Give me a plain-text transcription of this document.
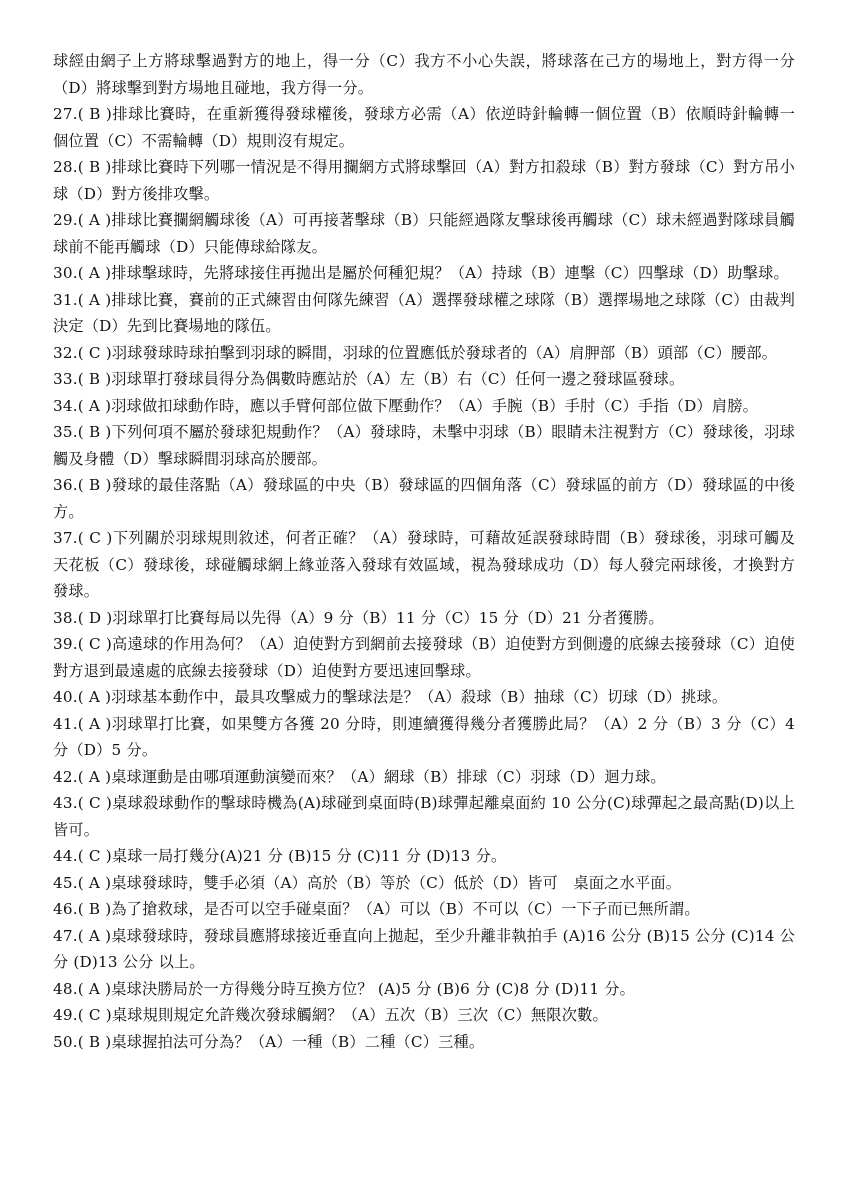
球經由網子上方將球擊過對方的地上，得一分（C）我方不小心失誤，將球落在己方的場地上，對方得一分（D）將球擊到對方場地且碰地，我方得一分。

27.( B )排球比賽時，在重新獲得發球權後，發球方必需（A）依逆時針輪轉一個位置（B）依順時針輪轉一個位置（C）不需輪轉（D）規則沒有規定。

28.( B )排球比賽時下列哪一情況是不得用攔網方式將球擊回（A）對方扣殺球（B）對方發球（C）對方吊小球（D）對方後排攻擊。

29.( A )排球比賽攔網觸球後（A）可再接著擊球（B）只能經過隊友擊球後再觸球（C）球未經過對隊球員觸球前不能再觸球（D）只能傳球給隊友。

30.( A )排球擊球時，先將球接住再拋出是屬於何種犯規？（A）持球（B）連擊（C）四擊球（D）助擊球。

31.( A )排球比賽，賽前的正式練習由何隊先練習（A）選擇發球權之球隊（B）選擇場地之球隊（C）由裁判決定（D）先到比賽場地的隊伍。

32.( C )羽球發球時球拍擊到羽球的瞬間，羽球的位置應低於發球者的（A）肩胛部（B）頭部（C）腰部。

33.( B )羽球單打發球員得分為偶數時應站於（A）左（B）右（C）任何一邊之發球區發球。

34.( A )羽球做扣球動作時，應以手臂何部位做下壓動作？（A）手腕（B）手肘（C）手指（D）肩膀。

35.( B )下列何項不屬於發球犯規動作？（A）發球時，未擊中羽球（B）眼睛未注視對方（C）發球後，羽球觸及身體（D）擊球瞬間羽球高於腰部。

36.( B )發球的最佳落點（A）發球區的中央（B）發球區的四個角落（C）發球區的前方（D）發球區的中後方。

37.( C )下列關於羽球規則敘述，何者正確？（A）發球時，可藉故延誤發球時間（B）發球後，羽球可觸及天花板（C）發球後，球碰觸球網上緣並落入發球有效區域，視為發球成功（D）每人發完兩球後，才換對方發球。

38.( D )羽球單打比賽每局以先得（A）9 分（B）11 分（C）15 分（D）21 分者獲勝。

39.( C )高遠球的作用為何？（A）迫使對方到網前去接發球（B）迫使對方到側邊的底線去接發球（C）迫使對方退到最遠處的底線去接發球（D）迫使對方要迅速回擊球。

40.( A )羽球基本動作中，最具攻擊威力的擊球法是？（A）殺球（B）抽球（C）切球（D）挑球。

41.( A )羽球單打比賽，如果雙方各獲 20 分時，則連續獲得幾分者獲勝此局？（A）2 分（B）3 分（C）4 分（D）5 分。

42.( A )桌球運動是由哪項運動演變而來？（A）網球（B）排球（C）羽球（D）迴力球。

43.( C )桌球殺球動作的擊球時機為(A)球碰到桌面時(B)球彈起離桌面約 10 公分(C)球彈起之最高點(D)以上皆可。

44.( C )桌球一局打幾分(A)21 分 (B)15 分 (C)11 分 (D)13 分。

45.( A )桌球發球時，雙手必須（A）高於（B）等於（C）低於（D）皆可　桌面之水平面。

46.( B )為了搶救球，是否可以空手碰桌面？（A）可以（B）不可以（C）一下子而已無所謂。

47.( A )桌球發球時，發球員應將球接近垂直向上拋起，至少升離非執拍手 (A)16 公分 (B)15 公分 (C)14 公分 (D)13 公分 以上。

48.( A )桌球決勝局於一方得幾分時互換方位？ (A)5 分 (B)6 分 (C)8 分 (D)11 分。

49.( C )桌球規則規定允許幾次發球觸網？（A）五次（B）三次（C）無限次數。

50.( B )桌球握拍法可分為？（A）一種（B）二種（C）三種。
